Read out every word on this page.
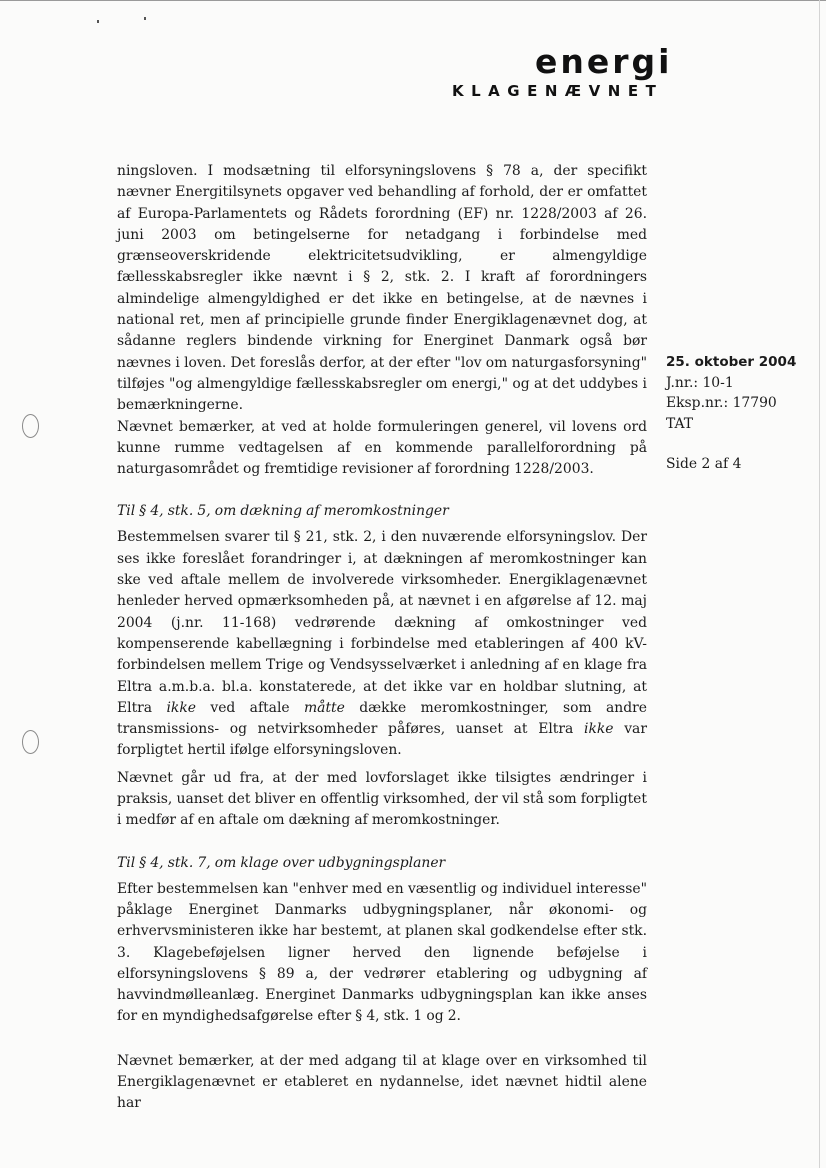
energi
KLAGENÆVNET
25. oktober 2004
J.nr.: 10-1
Eksp.nr.: 17790
TAT
Side 2 af 4

ningsloven. I modsætning til elforsyningslovens § 78 a, der specifikt nævner Energitilsynets opgaver ved behandling af forhold, der er omfattet af Europa-Parlamentets og Rådets forordning (EF) nr. 1228/2003 af 26. juni 2003 om betingelserne for netadgang i forbindelse med grænseoverskridende elektricitetsudvikling, er almengyldige fællesskabsregler ikke nævnt i § 2, stk. 2. I kraft af forordningers almindelige almengyldighed er det ikke en betingelse, at de nævnes i national ret, men af principielle grunde finder Energiklagenævnet dog, at sådanne reglers bindende virkning for Energinet Danmark også bør nævnes i loven. Det foreslås derfor, at der efter "lov om naturgasforsyning" tilføjes "og almengyldige fællesskabsregler om energi," og at det uddybes i bemærkningerne.

Nævnet bemærker, at ved at holde formuleringen generel, vil lovens ord kunne rumme vedtagelsen af en kommende parallelforordning på naturgasområdet og fremtidige revisioner af forordning 1228/2003.

Til § 4, stk. 5, om dækning af meromkostninger

Bestemmelsen svarer til § 21, stk. 2, i den nuværende elforsyningslov. Der ses ikke foreslået forandringer i, at dækningen af meromkostninger kan ske ved aftale mellem de involverede virksomheder. Energiklagenævnet henleder herved opmærksomheden på, at nævnet i en afgørelse af 12. maj 2004 (j.nr. 11-168) vedrørende dækning af omkostninger ved kompenserende kabellægning i forbindelse med etableringen af 400 kV-forbindelsen mellem Trige og Vendsysselværket i anledning af en klage fra Eltra a.m.b.a. bl.a. konstaterede, at det ikke var en holdbar slutning, at Eltra ikke ved aftale måtte dække meromkostninger, som andre transmissions- og netvirksomheder påføres, uanset at Eltra ikke var forpligtet hertil ifølge elforsyningsloven.

Nævnet går ud fra, at der med lovforslaget ikke tilsigtes ændringer i praksis, uanset det bliver en offentlig virksomhed, der vil stå som forpligtet i medfør af en aftale om dækning af meromkostninger.

Til § 4, stk. 7, om klage over udbygningsplaner

Efter bestemmelsen kan "enhver med en væsentlig og individuel interesse" påklage Energinet Danmarks udbygningsplaner, når økonomi- og erhvervsministeren ikke har bestemt, at planen skal godkendelse efter stk. 3. Klagebeføjelsen ligner herved den lignende beføjelse i elforsyningslovens § 89 a, der vedrører etablering og udbygning af havvindmølleanlæg. Energinet Danmarks udbygningsplan kan ikke anses for en myndighedsafgørelse efter § 4, stk. 1 og 2.

Nævnet bemærker, at der med adgang til at klage over en virksomhed til Energiklagenævnet er etableret en nydannelse, idet nævnet hidtil alene har
